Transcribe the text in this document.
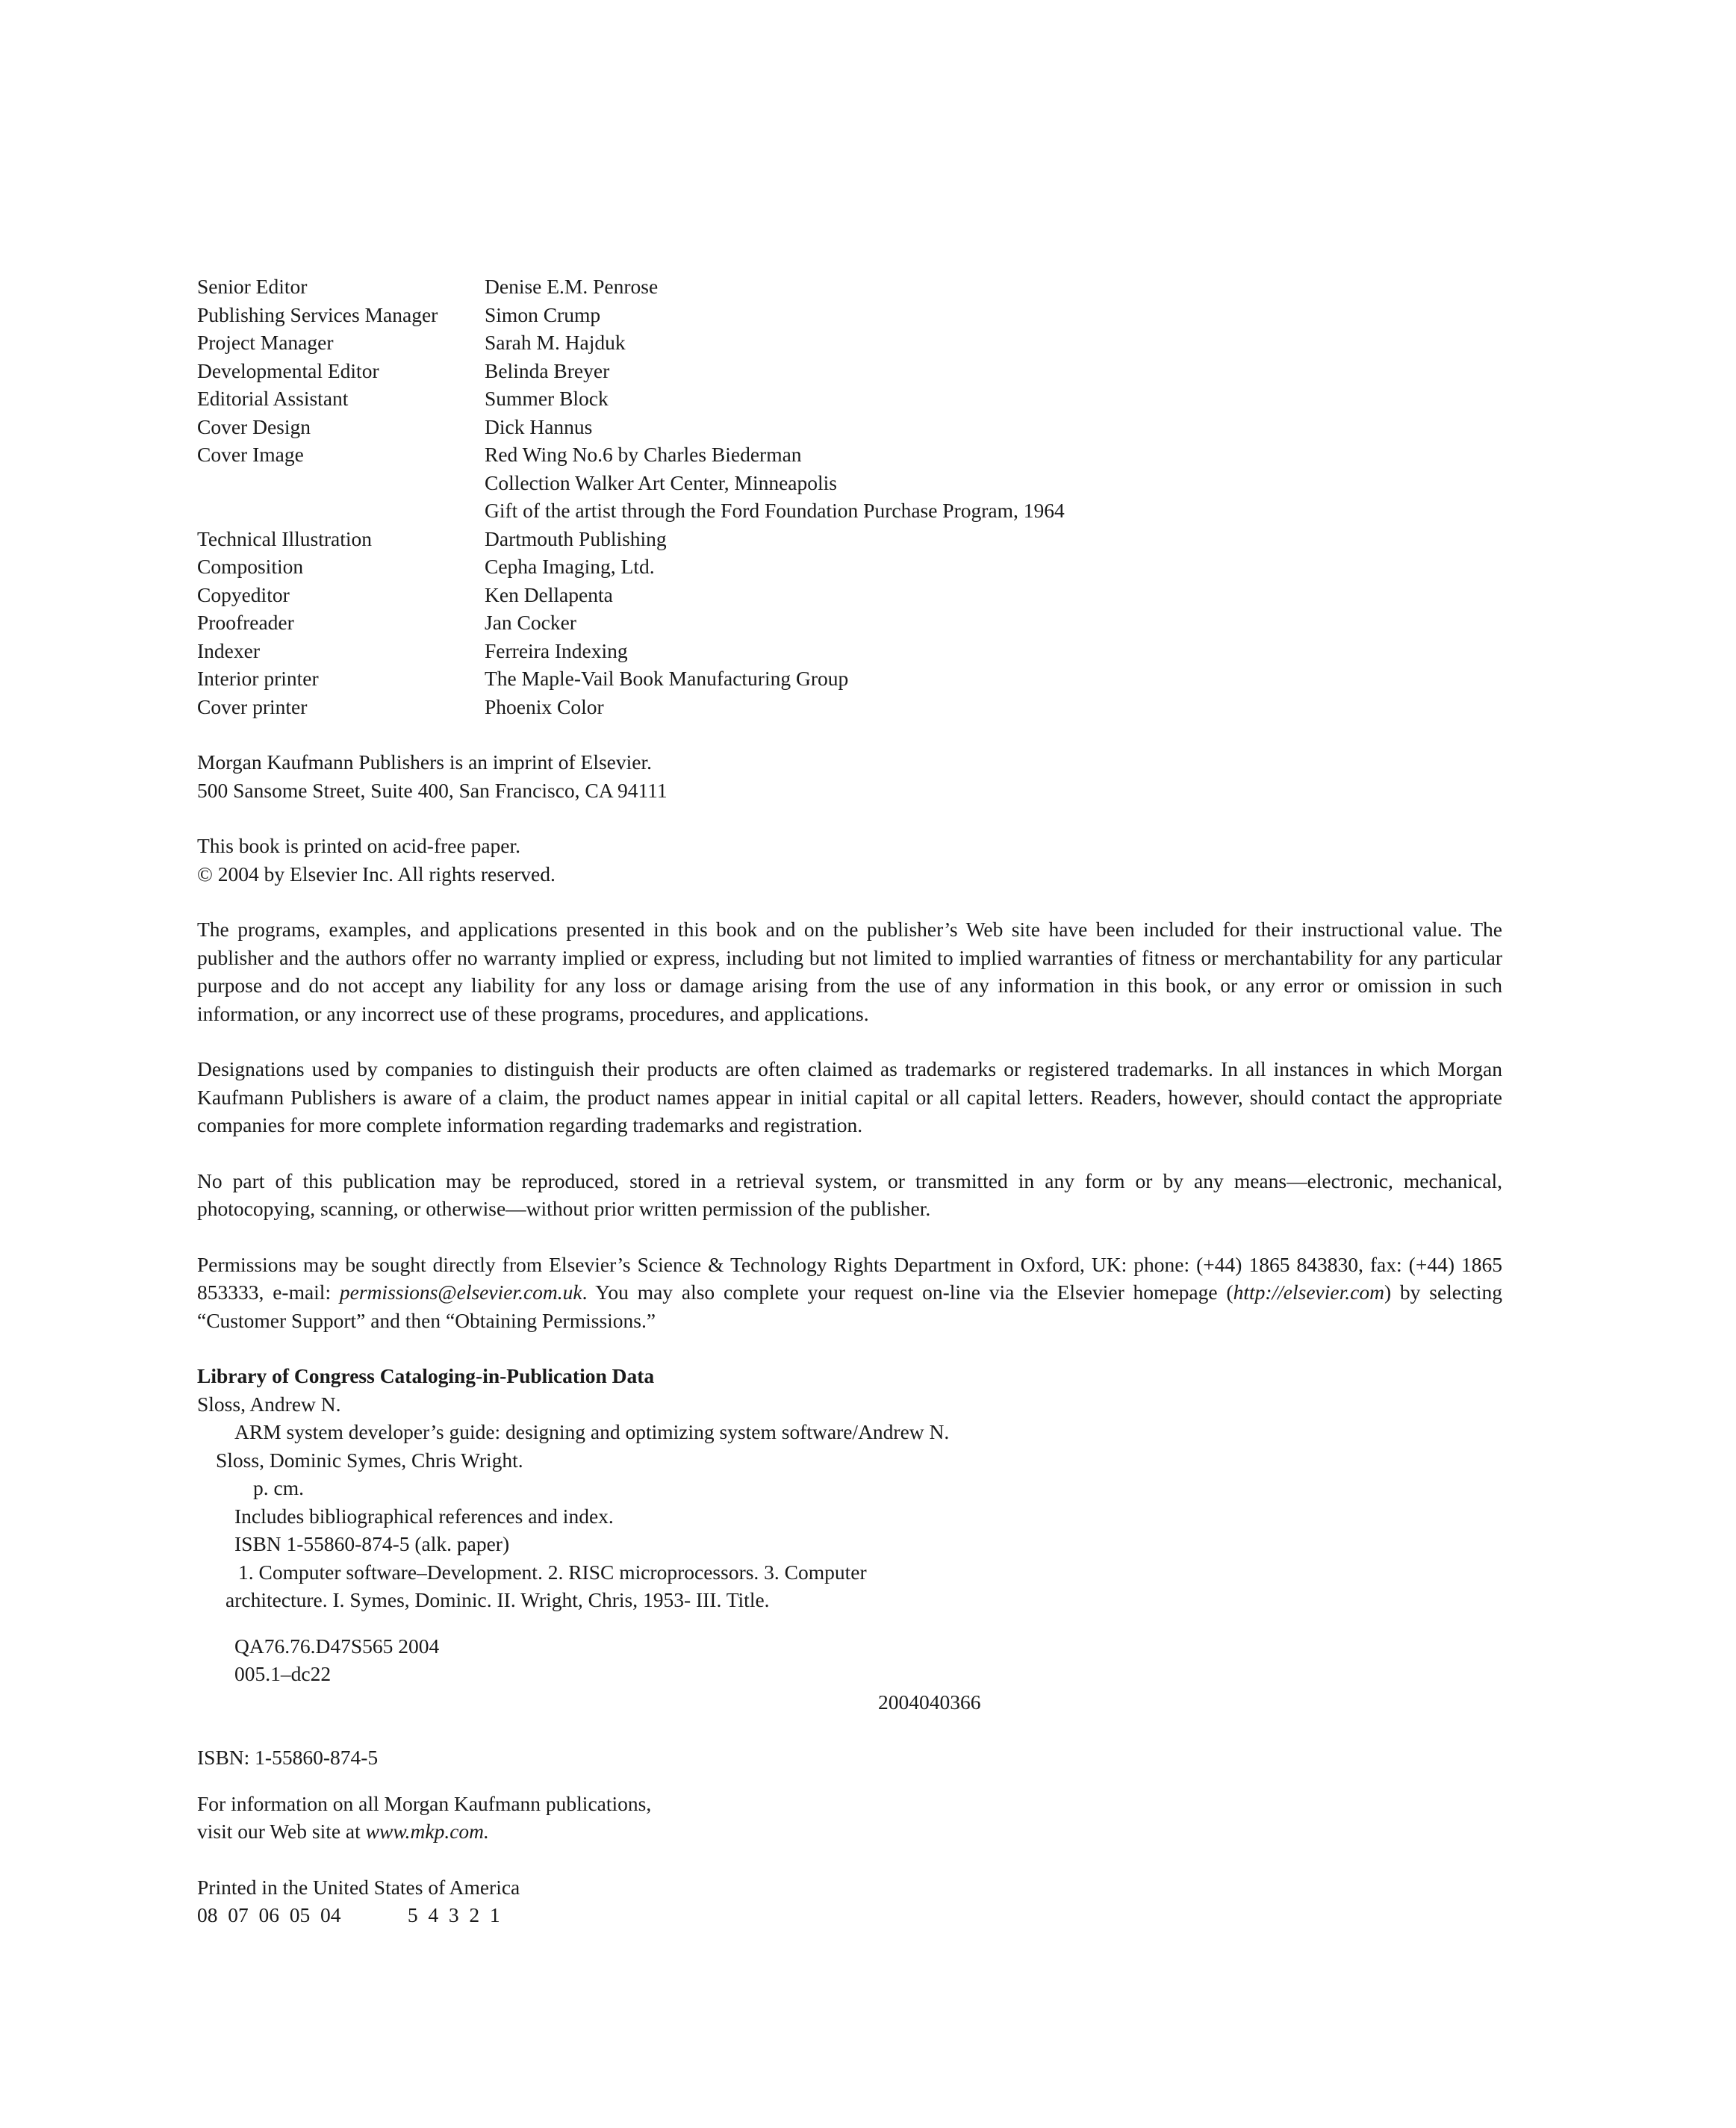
Senior Editor	Denise E.M. Penrose
Publishing Services Manager	Simon Crump
Project Manager	Sarah M. Hajduk
Developmental Editor	Belinda Breyer
Editorial Assistant	Summer Block
Cover Design	Dick Hannus
Cover Image	Red Wing No.6 by Charles Biederman

Collection Walker Art Center, Minneapolis

Gift of the artist through the Ford Foundation Purchase Program, 1964
Technical Illustration	Dartmouth Publishing
Composition	Cepha Imaging, Ltd.
Copyeditor	Ken Dellapenta
Proofreader	Jan Cocker
Indexer	Ferreira Indexing
Interior printer	The Maple-Vail Book Manufacturing Group
Cover printer	Phoenix Color
Morgan Kaufmann Publishers is an imprint of Elsevier.
500 Sansome Street, Suite 400, San Francisco, CA 94111
This book is printed on acid-free paper.
© 2004 by Elsevier Inc. All rights reserved.

The programs, examples, and applications presented in this book and on the publisher’s Web site have been included for their instructional value. The publisher and the authors offer no warranty implied or express, including but not limited to implied warranties of fitness or merchantability for any particular purpose and do not accept any liability for any loss or damage arising from the use of any information in this book, or any error or omission in such information, or any incorrect use of these programs, procedures, and applications.

Designations used by companies to distinguish their products are often claimed as trademarks or registered trademarks. In all instances in which Morgan Kaufmann Publishers is aware of a claim, the product names appear in initial capital or all capital letters. Readers, however, should contact the appropriate companies for more complete information regarding trademarks and registration.

No part of this publication may be reproduced, stored in a retrieval system, or transmitted in any form or by any means—electronic, mechanical, photocopying, scanning, or otherwise—without prior written permission of the publisher.

Permissions may be sought directly from Elsevier’s Science & Technology Rights Department in Oxford, UK: phone: (+44) 1865 843830, fax: (+44) 1865 853333, e-mail: permissions@elsevier.com.uk. You may also complete your request on-line via the Elsevier homepage (http://elsevier.com) by selecting “Customer Support” and then “Obtaining Permissions.”

Library of Congress Cataloging-in-Publication Data
Sloss, Andrew N.
ARM system developer’s guide: designing and optimizing system software/Andrew N.
Sloss, Dominic Symes, Chris Wright.
p. cm.
Includes bibliographical references and index.
ISBN 1-55860-874-5 (alk. paper)
1. Computer software–Development. 2. RISC microprocessors. 3. Computer
architecture. I. Symes, Dominic. II. Wright, Chris, 1953- III. Title.
QA76.76.D47S565 2004
005.1–dc22
2004040366
ISBN: 1-55860-874-5
For information on all Morgan Kaufmann publications,
visit our Web site at www.mkp.com.
Printed in the United States of America
08  07  06  05  04             5  4  3  2  1
